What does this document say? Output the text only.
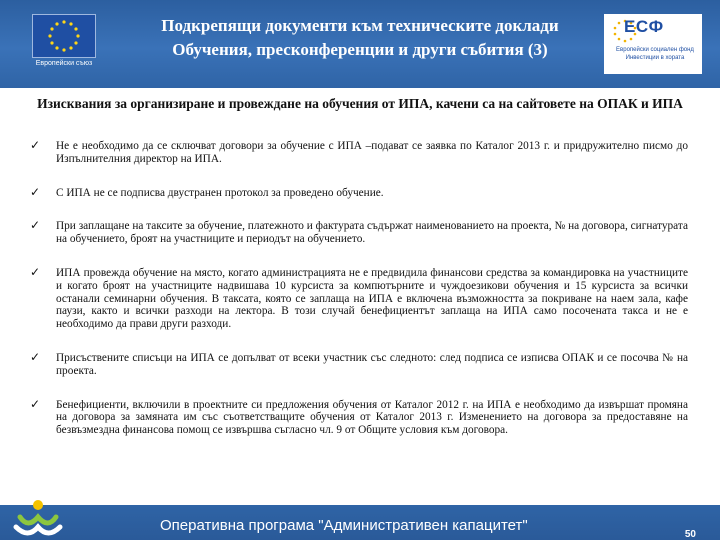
Европейски съюз
Подкрепящи документи към техническите доклади
Обучения, пресконференции и други събития (3)
ЕСФ
Европейски социален фонд Инвестиции в хората
Изисквания за организиране и провеждане на обучения от ИПА, качени са на сайтовете на ОПАК и ИПА
✓ Не е необходимо да се сключват договори за обучение с ИПА –подават се заявка по Каталог 2013 г. и придружително писмо до Изпълнителния директор на ИПА.
✓ С ИПА не се подписва двустранен протокол за проведено обучение.
✓ При заплащане на таксите за обучение, платежното и фактурата съдържат наименованието на проекта, № на договора, сигнатурата на обучението, броят на участниците и периодът на обучението.
✓ ИПА провежда обучение на място, когато администрацията не е предвидила финансови средства за командировка на участниците и когато броят на участниците надвишава 10 курсиста за компютърните и чуждоезикови обучения и 15 курсиста за всички останали семинарни обучения. В таксата, която се заплаща на ИПА е включена възможността за покриване на наем зала, кафе паузи, както и всички разходи на лектора. В този случай бенефициентът заплаща на ИПА само посочената такса и не е необходимо да прави други разходи.
✓ Присъствените списъци на ИПА се допълват от всеки участник със следното: след подписа се изписва ОПАК и се посочва № на проекта.
✓ Бенефициенти, включили в проектните си предложения обучения от Каталог 2012 г. на ИПА е необходимо да извършат промяна на договора за замяната им със съответстващите обучения от Каталог 2013 г. Изменението на договора за предоставяне на безвъзмездна финансова помощ се извършва съгласно чл. 9 от Общите условия към договора.
Оперативна програма "Административен капацитет"
50
